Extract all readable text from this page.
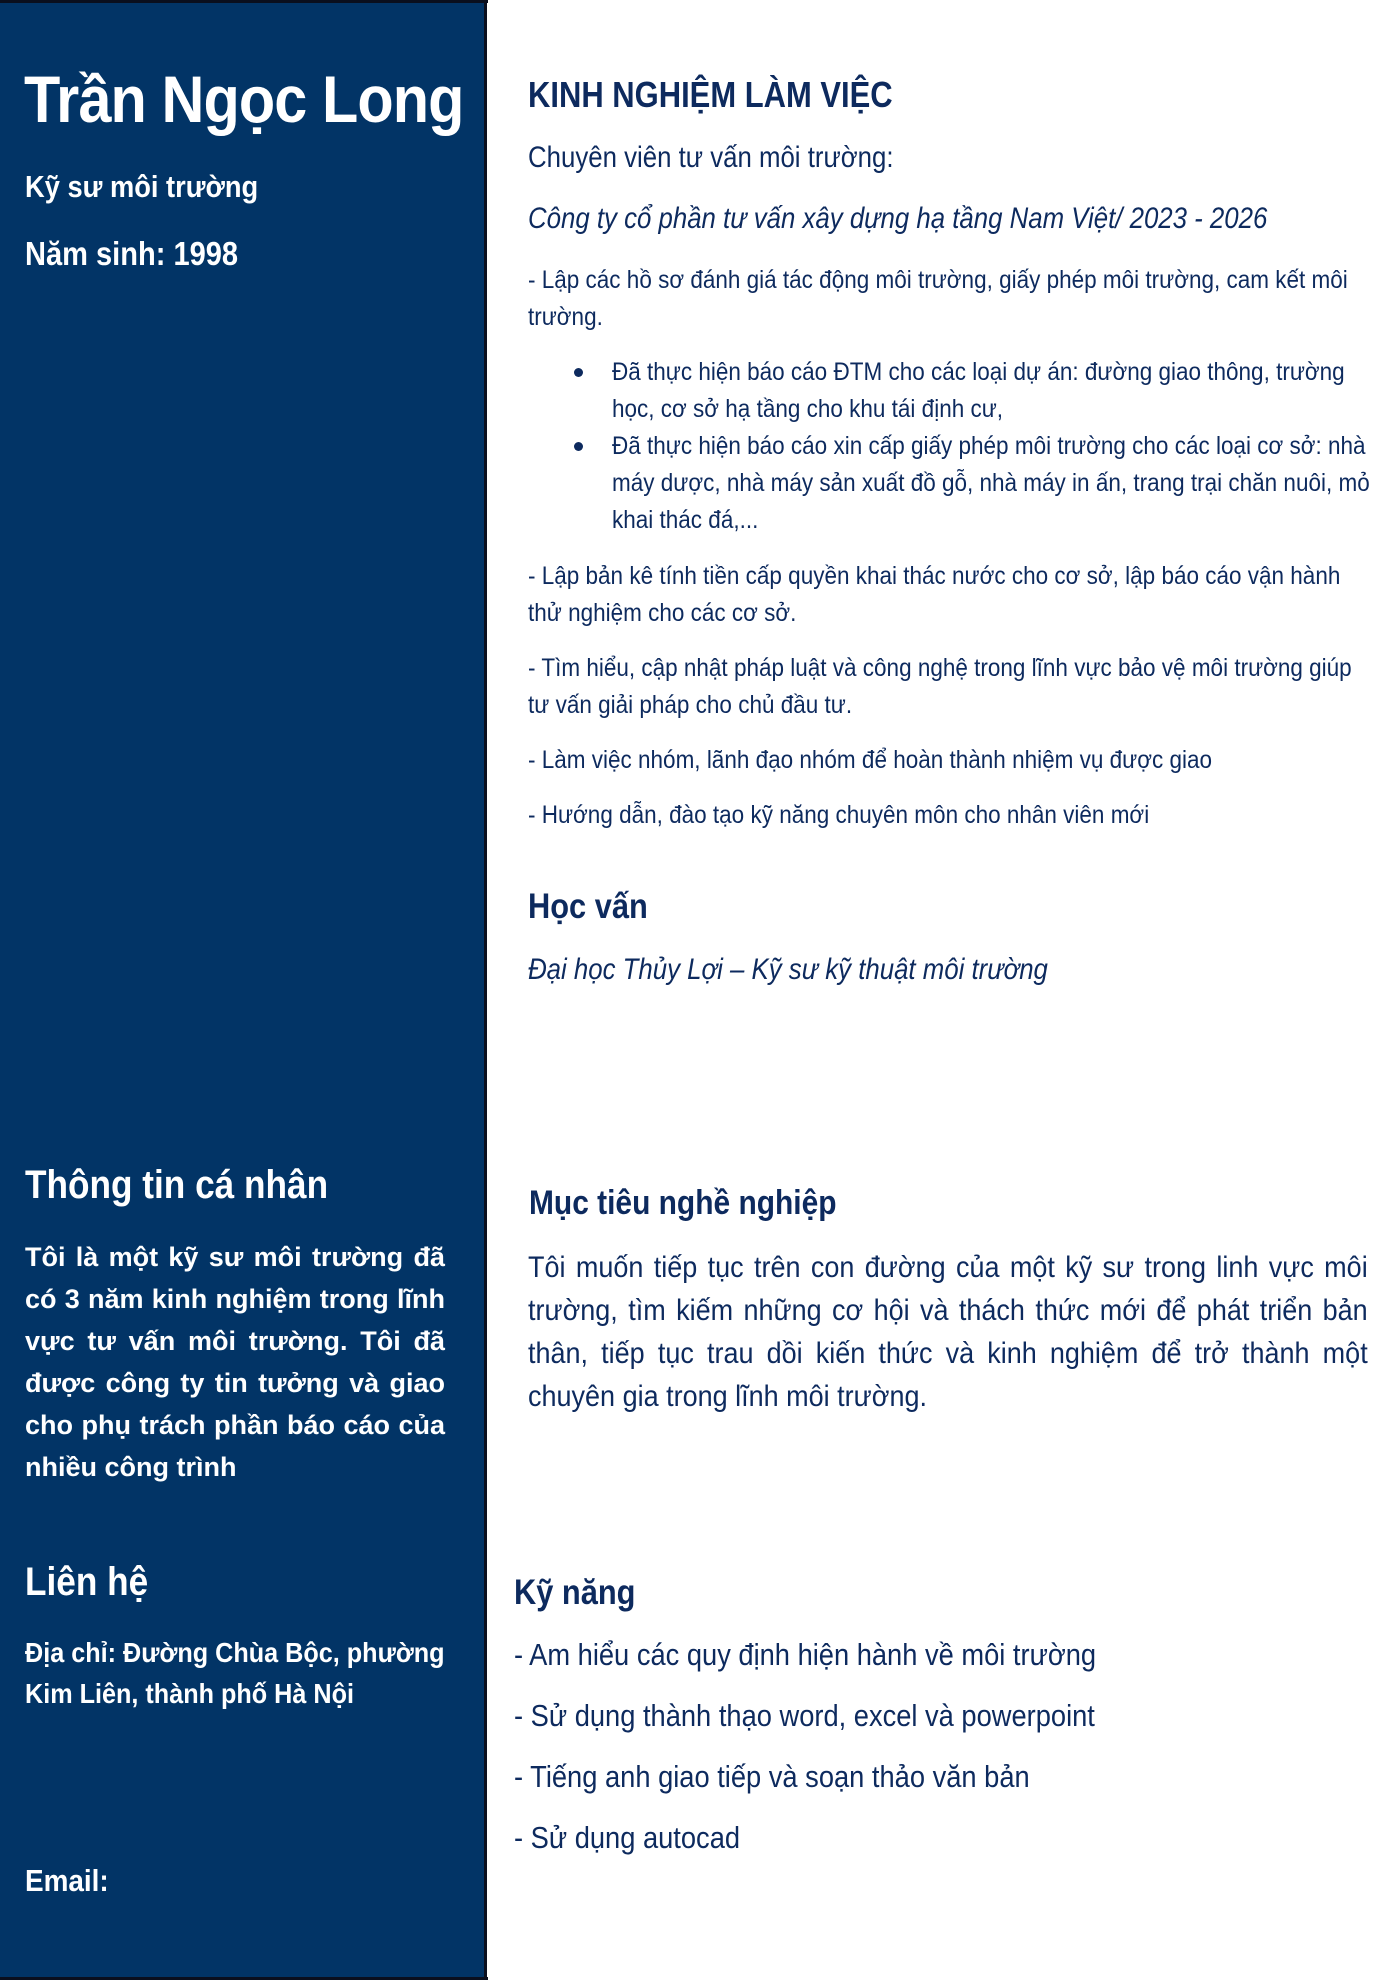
Trần Ngọc Long
Kỹ sư môi trường
Năm sinh: 1998
Thông tin cá nhân
Tôi là một kỹ sư môi trường đã có 3 năm kinh nghiệm trong lĩnh vực tư vấn môi trường. Tôi đã được công ty tin tưởng và giao cho phụ trách phần báo cáo của nhiều công trình
Liên hệ
Địa chỉ: Đường Chùa Bộc, phường
Kim Liên, thành phố Hà Nội
Email:
KINH NGHIỆM LÀM VIỆC
Chuyên viên tư vấn môi trường:
Công ty cổ phần tư vấn xây dựng hạ tầng Nam Việt/ 2023 - 2026
- Lập các hồ sơ đánh giá tác động môi trường, giấy phép môi trường, cam kết môi trường.
Đã thực hiện báo cáo ĐTM cho các loại dự án: đường giao thông, trường học, cơ sở hạ tầng cho khu tái định cư,
Đã thực hiện báo cáo xin cấp giấy phép môi trường cho các loại cơ sở: nhà máy dược, nhà máy sản xuất đồ gỗ, nhà máy in ấn, trang trại chăn nuôi, mỏ khai thác đá,...
- Lập bản kê tính tiền cấp quyền khai thác nước cho cơ sở, lập báo cáo vận hành thử nghiệm cho các cơ sở.
- Tìm hiểu, cập nhật pháp luật và công nghệ trong lĩnh vực bảo vệ môi trường giúp tư vấn giải pháp cho chủ đầu tư.
- Làm việc nhóm, lãnh đạo nhóm để hoàn thành nhiệm vụ được giao
- Hướng dẫn, đào tạo kỹ năng chuyên môn cho nhân viên mới
Học vấn
Đại học Thủy Lợi – Kỹ sư kỹ thuật môi trường
Mục tiêu nghề nghiệp
Tôi muốn tiếp tục trên con đường của một kỹ sư trong linh vực môi trường, tìm kiếm những cơ hội và thách thức mới để phát triển bản thân, tiếp tục trau dồi kiến thức và kinh nghiệm để trở thành một chuyên gia trong lĩnh môi trường.
Kỹ năng
- Am hiểu các quy định hiện hành về môi trường
- Sử dụng thành thạo word, excel và powerpoint
- Tiếng anh giao tiếp và soạn thảo văn bản
- Sử dụng autocad
